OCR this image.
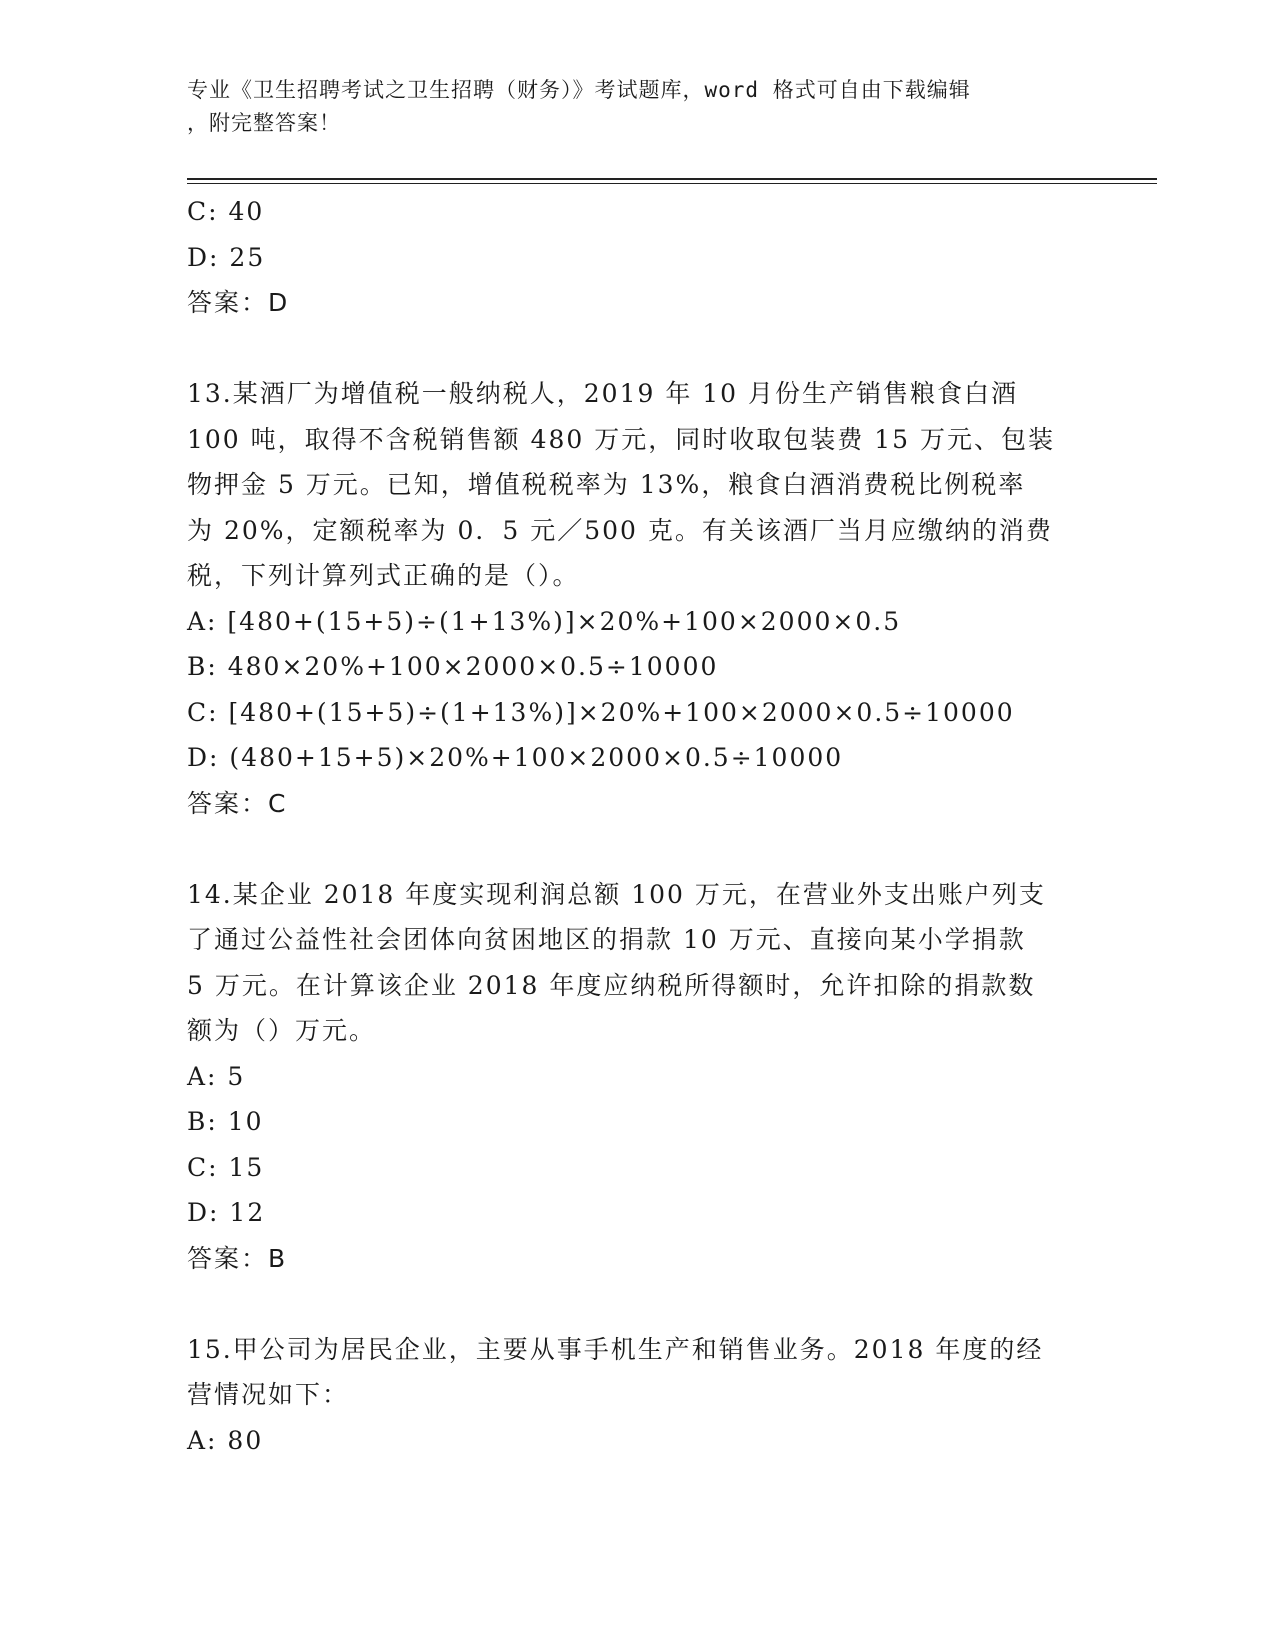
专业《卫生招聘考试之卫生招聘（财务）》考试题库，word 格式可自由下载编辑
，附完整答案！
C: 40
D: 25
答案：D
13.某酒厂为增值税一般纳税人，2019 年 10 月份生产销售粮食白酒
100 吨，取得不含税销售额 480 万元，同时收取包装费 15 万元、包装
物押金 5 万元。已知，增值税税率为 13%，粮食白酒消费税比例税率
为 20%，定额税率为 0．5 元／500 克。有关该酒厂当月应缴纳的消费
税，下列计算列式正确的是（）。
A: [480+(15+5)÷(1+13%)]×20%+100×2000×0.5
B: 480×20%+100×2000×0.5÷10000
C: [480+(15+5)÷(1+13%)]×20%+100×2000×0.5÷10000
D: (480+15+5)×20%+100×2000×0.5÷10000
答案：C
14.某企业 2018 年度实现利润总额 100 万元，在营业外支出账户列支
了通过公益性社会团体向贫困地区的捐款 10 万元、直接向某小学捐款
5 万元。在计算该企业 2018 年度应纳税所得额时，允许扣除的捐款数
额为（）万元。
A: 5
B: 10
C: 15
D: 12
答案：B
15.甲公司为居民企业，主要从事手机生产和销售业务。2018 年度的经
营情况如下：
A: 80
